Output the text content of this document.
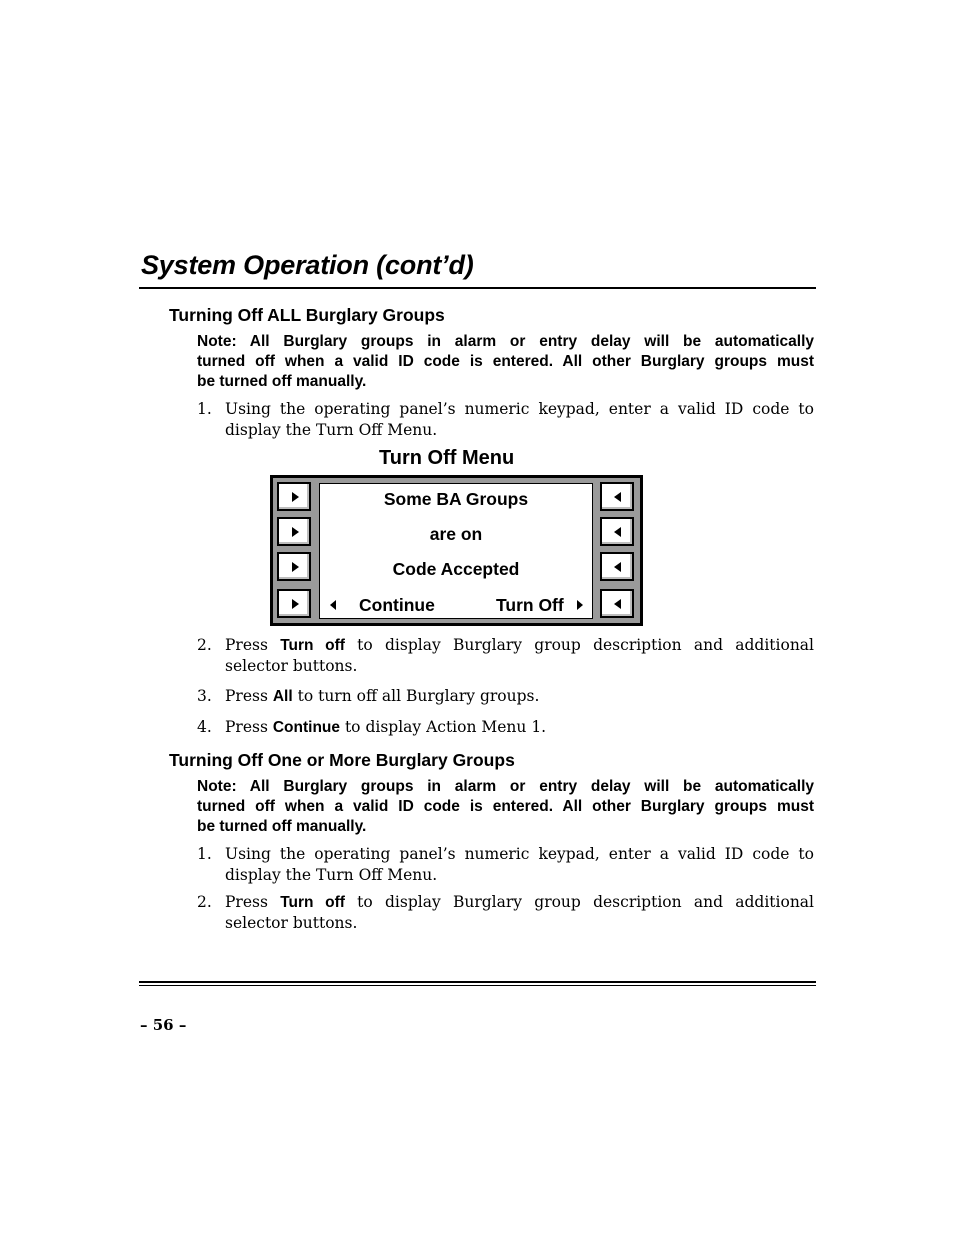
System Operation (cont’d)
Turning Off ALL Burglary Groups
Note: All Burglary groups in alarm or entry delay will be automatically
turned off when a valid ID code is entered. All other Burglary groups must
be turned off manually.
1. Using the operating panel’s numeric keypad, enter a valid ID code to
display the Turn Off Menu.
Turn Off Menu
Some BA Groups
are on
Code Accepted
Continue	Turn Off
2. Press Turn off to display Burglary group description and additional
selector buttons.
3. Press All to turn off all Burglary groups.
4. Press Continue to display Action Menu 1.
Turning Off One or More Burglary Groups
Note: All Burglary groups in alarm or entry delay will be automatically
turned off when a valid ID code is entered. All other Burglary groups must
be turned off manually.
1. Using the operating panel’s numeric keypad, enter a valid ID code to
display the Turn Off Menu.
2. Press Turn off to display Burglary group description and additional
selector buttons.
– 56 –
